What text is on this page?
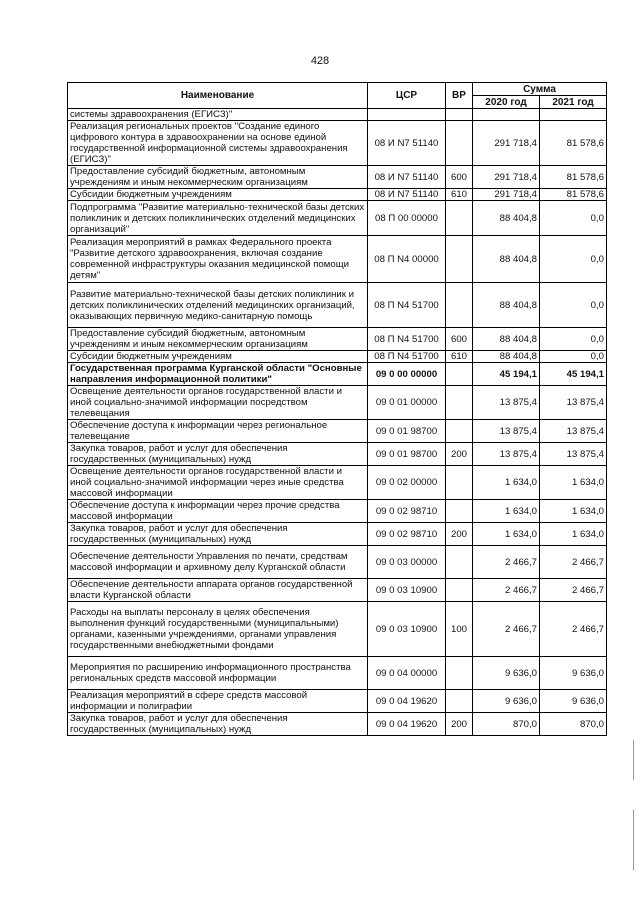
428
Наименование	ЦСР	ВР	Сумма	
			2020 год	2021 год
системы здравоохранения (ЕГИСЗ)"				
Реализация региональных проектов "Создание единого цифрового контура в здравоохранении на основе единой государственной информационной системы здравоохранения (ЕГИСЗ)"	08 И N7 51140		291 718,4	81 578,6
Предоставление субсидий бюджетным, автономным учреждениям и иным некоммерческим организациям	08 И N7 51140	600	291 718,4	81 578,6
Субсидии бюджетным учреждениям	08 И N7 51140	610	291 718,4	81 578,6
Подпрограмма "Развитие материально-технической базы детских поликлиник и детских поликлинических отделений медицинских организаций"	08 П 00 00000		88 404,8	0,0
Реализация мероприятий в рамках Федерального проекта "Развитие детского здравоохранения, включая создание современной инфраструктуры оказания медицинской помощи детям"	08 П N4 00000		88 404,8	0,0
Развитие материально-технической базы детских поликлиник и детских поликлинических отделений медицинских организаций, оказывающих первичную медико-санитарную помощь	08 П N4 51700		88 404,8	0,0
Предоставление субсидий бюджетным, автономным учреждениям и иным некоммерческим организациям	08 П N4 51700	600	88 404,8	0,0
Субсидии бюджетным учреждениям	08 П N4 51700	610	88 404,8	0,0
Государственная программа Курганской области "Основные направления информационной политики"	09 0 00 00000		45 194,1	45 194,1
Освещение деятельности органов государственной власти и иной социально-значимой информации посредством телевещания	09 0 01 00000		13 875,4	13 875,4
Обеспечение доступа к информации через региональное телевещание	09 0 01 98700		13 875,4	13 875,4
Закупка товаров, работ и услуг для обеспечения государственных (муниципальных) нужд	09 0 01 98700	200	13 875,4	13 875,4
Освещение деятельности органов государственной власти и иной социально-значимой информации через иные средства массовой информации	09 0 02 00000		1 634,0	1 634,0
Обеспечение доступа к информации через прочие средства массовой информации	09 0 02 98710		1 634,0	1 634,0
Закупка товаров, работ и услуг для обеспечения государственных (муниципальных) нужд	09 0 02 98710	200	1 634,0	1 634,0
Обеспечение деятельности Управления по печати, средствам массовой информации и архивному делу Курганской области	09 0 03 00000		2 466,7	2 466,7
Обеспечение деятельности аппарата органов государственной власти Курганской области	09 0 03 10900		2 466,7	2 466,7
Расходы на выплаты персоналу в целях обеспечения выполнения функций государственными (муниципальными) органами, казенными учреждениями, органами управления государственными внебюджетными фондами	09 0 03 10900	100	2 466,7	2 466,7
Мероприятия по расширению информационного пространства региональных средств массовой информации	09 0 04 00000		9 636,0	9 636,0
Реализация мероприятий в сфере средств массовой информации и полиграфии	09 0 04 19620		9 636,0	9 636,0
Закупка товаров, работ и услуг для обеспечения государственных (муниципальных) нужд	09 0 04 19620	200	870,0	870,0
